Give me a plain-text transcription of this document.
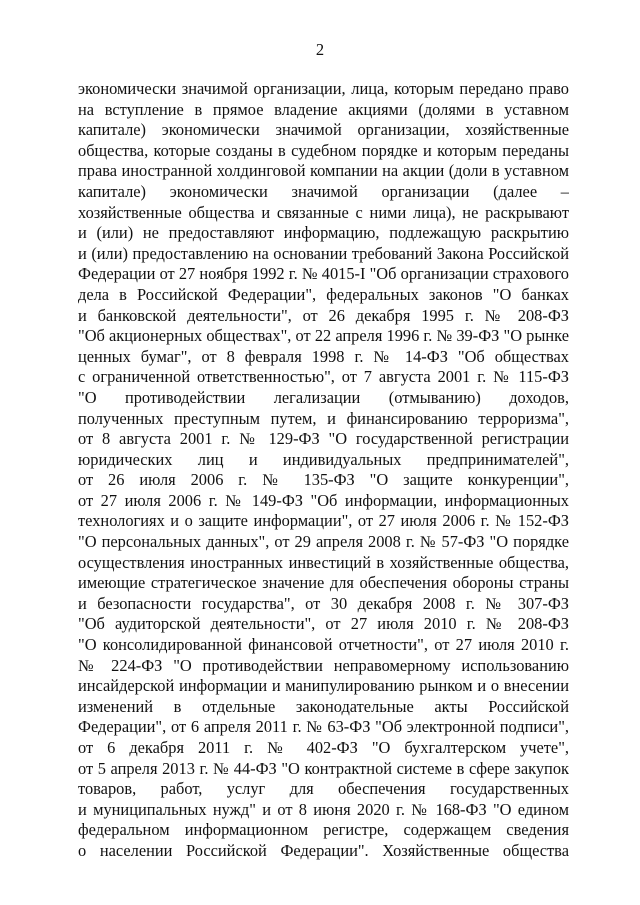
2
экономически значимой организации, лица, которым передано право
на вступление в прямое владение акциями (долями в уставном
капитале) экономически значимой организации, хозяйственные
общества, которые созданы в судебном порядке и которым переданы
права иностранной холдинговой компании на акции (доли в уставном
капитале) экономически значимой организации (далее –
хозяйственные общества и связанные с ними лица), не раскрывают
и (или) не предоставляют информацию, подлежащую раскрытию
и (или) предоставлению на основании требований Закона Российской
Федерации от 27 ноября 1992 г. № 4015-I "Об организации страхового
дела в Российской Федерации", федеральных законов "О банках
и банковской деятельности", от 26 декабря 1995 г. № 208-ФЗ
"Об акционерных обществах", от 22 апреля 1996 г. № 39-ФЗ "О рынке
ценных бумаг", от 8 февраля 1998 г. № 14-ФЗ "Об обществах
с ограниченной ответственностью", от 7 августа 2001 г. № 115-ФЗ
"О противодействии легализации (отмыванию) доходов,
полученных преступным путем, и финансированию терроризма",
от 8 августа 2001 г. № 129-ФЗ "О государственной регистрации
юридических лиц и индивидуальных предпринимателей",
от 26 июля 2006 г. № 135-ФЗ "О защите конкуренции",
от 27 июля 2006 г. № 149-ФЗ "Об информации, информационных
технологиях и о защите информации", от 27 июля 2006 г. № 152-ФЗ
"О персональных данных", от 29 апреля 2008 г. № 57-ФЗ "О порядке
осуществления иностранных инвестиций в хозяйственные общества,
имеющие стратегическое значение для обеспечения обороны страны
и безопасности государства", от 30 декабря 2008 г. № 307-ФЗ
"Об аудиторской деятельности", от 27 июля 2010 г. № 208-ФЗ
"О консолидированной финансовой отчетности", от 27 июля 2010 г.
№ 224-ФЗ "О противодействии неправомерному использованию
инсайдерской информации и манипулированию рынком и о внесении
изменений в отдельные законодательные акты Российской
Федерации", от 6 апреля 2011 г. № 63-ФЗ "Об электронной подписи",
от 6 декабря 2011 г. № 402-ФЗ "О бухгалтерском учете",
от 5 апреля 2013 г. № 44-ФЗ "О контрактной системе в сфере закупок
товаров, работ, услуг для обеспечения государственных
и муниципальных нужд" и от 8 июня 2020 г. № 168-ФЗ "О едином
федеральном информационном регистре, содержащем сведения
о населении Российской Федерации". Хозяйственные общества
